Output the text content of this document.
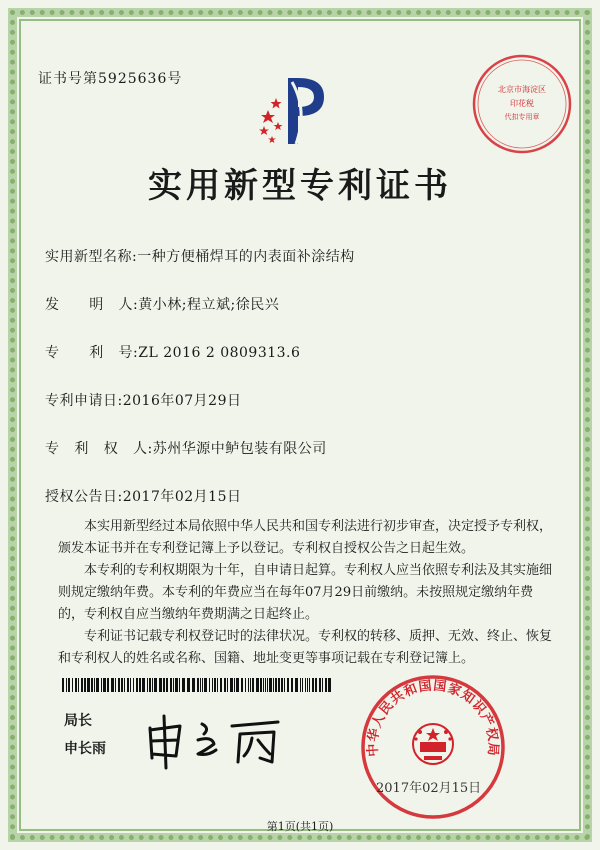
证书号第5925636号
北京市海淀区
印花税
代扣专用章
实用新型专利证书
实用新型名称:一种方便桶焊耳的内表面补涂结构
发      明   人:黄小林;程立斌;徐民兴
专      利   号:ZL 2016 2 0809313.6
专利申请日:2016年07月29日
专   利   权   人:苏州华源中鲈包装有限公司
授权公告日:2017年02月15日

本实用新型经过本局依照中华人民共和国专利法进行初步审查，决定授予专利权，颁发本证书并在专利登记簿上予以登记。专利权自授权公告之日起生效。

本专利的专利权期限为十年，自申请日起算。专利权人应当依照专利法及其实施细则规定缴纳年费。本专利的年费应当在每年07月29日前缴纳。未按照规定缴纳年费的，专利权自应当缴纳年费期满之日起终止。

专利证书记载专利权登记时的法律状况。专利权的转移、质押、无效、终止、恢复和专利权人的姓名或名称、国籍、地址变更等事项记载在专利登记簿上。

局长
申长雨	中华人民共和国国家知识产权局
2017年02月15日
第1页(共1页)
